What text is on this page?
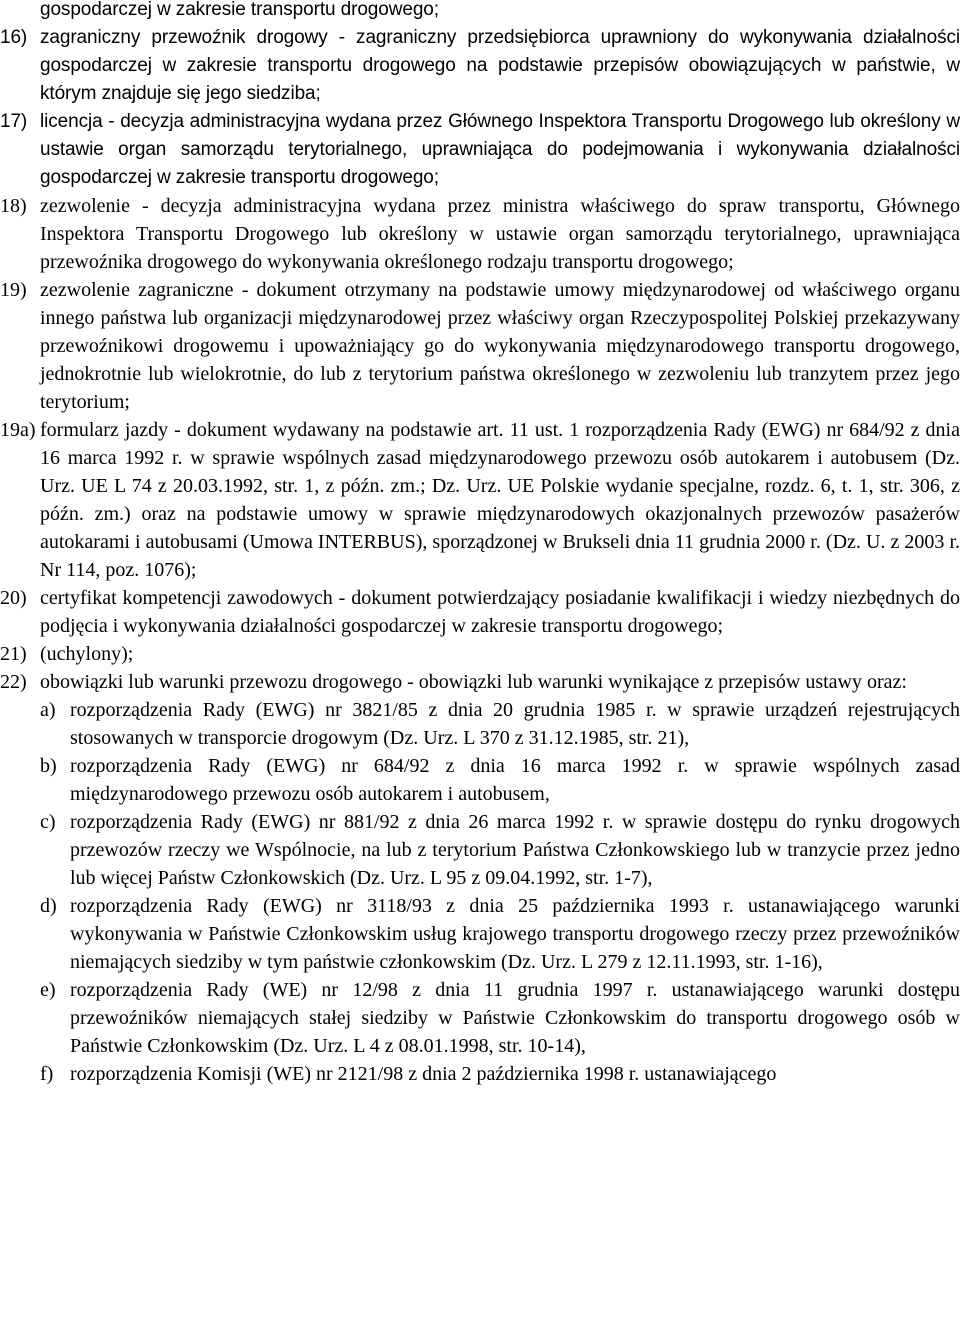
gospodarczej w zakresie transportu drogowego;
16) zagraniczny przewoźnik drogowy - zagraniczny przedsiębiorca uprawniony do wykonywania działalności gospodarczej w zakresie transportu drogowego na podstawie przepisów obowiązujących w państwie, w którym znajduje się jego siedziba;
17) licencja - decyzja administracyjna wydana przez Głównego Inspektora Transportu Drogowego lub określony w ustawie organ samorządu terytorialnego, uprawniająca do podejmowania i wykonywania działalności gospodarczej w zakresie transportu drogowego;
18) zezwolenie - decyzja administracyjna wydana przez ministra właściwego do spraw transportu, Głównego Inspektora Transportu Drogowego lub określony w ustawie organ samorządu terytorialnego, uprawniająca przewoźnika drogowego do wykonywania określonego rodzaju transportu drogowego;
19) zezwolenie zagraniczne - dokument otrzymany na podstawie umowy międzynarodowej od właściwego organu innego państwa lub organizacji międzynarodowej przez właściwy organ Rzeczypospolitej Polskiej przekazywany przewoźnikowi drogowemu i upoważniający go do wykonywania międzynarodowego transportu drogowego, jednokrotnie lub wielokrotnie, do lub z terytorium państwa określonego w zezwoleniu lub tranzytem przez jego terytorium;
19a) formularz jazdy - dokument wydawany na podstawie art. 11 ust. 1 rozporządzenia Rady (EWG) nr 684/92 z dnia 16 marca 1992 r. w sprawie wspólnych zasad międzynarodowego przewozu osób autokarem i autobusem (Dz. Urz. UE L 74 z 20.03.1992, str. 1, z późn. zm.; Dz. Urz. UE Polskie wydanie specjalne, rozdz. 6, t. 1, str. 306, z późn. zm.) oraz na podstawie umowy w sprawie międzynarodowych okazjonalnych przewozów pasażerów autokarami i autobusami (Umowa INTERBUS), sporządzonej w Brukseli dnia 11 grudnia 2000 r. (Dz. U. z 2003 r. Nr 114, poz. 1076);
20) certyfikat kompetencji zawodowych - dokument potwierdzający posiadanie kwalifikacji i wiedzy niezbędnych do podjęcia i wykonywania działalności gospodarczej w zakresie transportu drogowego;
21) (uchylony);
22) obowiązki lub warunki przewozu drogowego - obowiązki lub warunki wynikające z przepisów ustawy oraz:
a) rozporządzenia Rady (EWG) nr 3821/85 z dnia 20 grudnia 1985 r. w sprawie urządzeń rejestrujących stosowanych w transporcie drogowym (Dz. Urz. L 370 z 31.12.1985, str. 21),
b) rozporządzenia Rady (EWG) nr 684/92 z dnia 16 marca 1992 r. w sprawie wspólnych zasad międzynarodowego przewozu osób autokarem i autobusem,
c) rozporządzenia Rady (EWG) nr 881/92 z dnia 26 marca 1992 r. w sprawie dostępu do rynku drogowych przewozów rzeczy we Wspólnocie, na lub z terytorium Państwa Członkowskiego lub w tranzycie przez jedno lub więcej Państw Członkowskich (Dz. Urz. L 95 z 09.04.1992, str. 1-7),
d) rozporządzenia Rady (EWG) nr 3118/93 z dnia 25 października 1993 r. ustanawiającego warunki wykonywania w Państwie Członkowskim usług krajowego transportu drogowego rzeczy przez przewoźników niemających siedziby w tym państwie członkowskim (Dz. Urz. L 279 z 12.11.1993, str. 1-16),
e) rozporządzenia Rady (WE) nr 12/98 z dnia 11 grudnia 1997 r. ustanawiającego warunki dostępu przewoźników niemających stałej siedziby w Państwie Członkowskim do transportu drogowego osób w Państwie Członkowskim (Dz. Urz. L 4 z 08.01.1998, str. 10-14),
f) rozporządzenia Komisji (WE) nr 2121/98 z dnia 2 października 1998 r. ustanawiającego
